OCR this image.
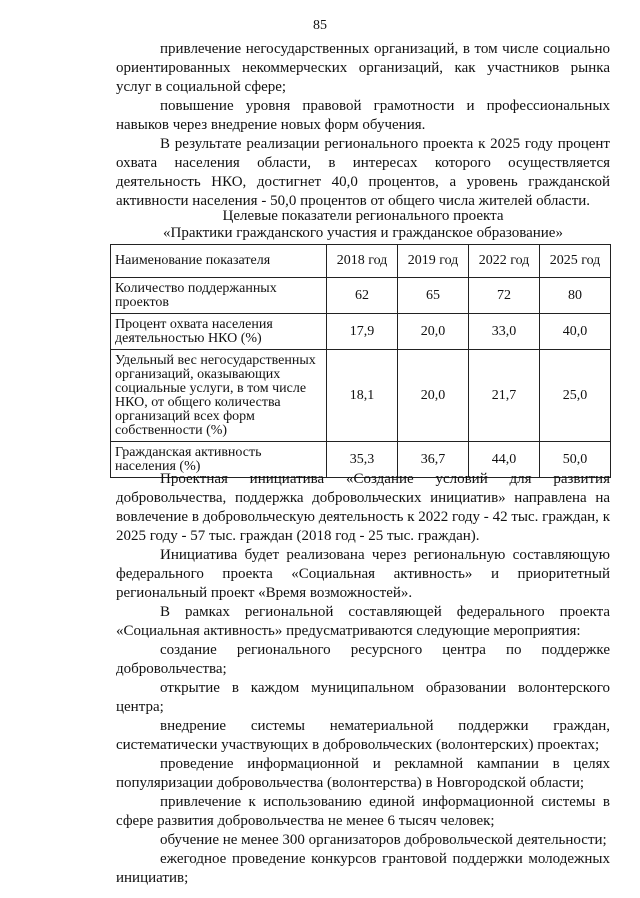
85

привлечение негосударственных организаций, в том числе социально ориентированных некоммерческих организаций, как участников рынка услуг в социальной сфере;

повышение уровня правовой грамотности и профессиональных навыков через внедрение новых форм обучения.

В результате реализации регионального проекта к 2025 году процент охвата населения области, в интересах которого осуществляется деятельность НКО, достигнет 40,0 процентов, а уровень гражданской активности населения - 50,0 процентов от общего числа жителей области.

Целевые показатели регионального проекта
«Практики гражданского участия и гражданское образование»
Наименование показателя	2018 год	2019 год	2022 год	2025 год
Количество поддержанных проектов	62	65	72	80
Процент охвата населения деятельностью НКО (%)	17,9	20,0	33,0	40,0
Удельный вес негосударственных организаций, оказывающих социальные услуги, в том числе НКО, от общего количества организаций всех форм собственности (%)	18,1	20,0	21,7	25,0
Гражданская активность населения (%)	35,3	36,7	44,0	50,0

Проектная инициатива «Создание условий для развития добровольчества, поддержка добровольческих инициатив» направлена на вовлечение в добровольческую деятельность к 2022 году - 42 тыс. граждан, к 2025 году - 57 тыс. граждан (2018 год - 25 тыс. граждан).

Инициатива будет реализована через региональную составляющую федерального проекта «Социальная активность» и приоритетный региональный проект «Время возможностей».

В рамках региональной составляющей федерального проекта «Социальная активность» предусматриваются следующие мероприятия:

создание регионального ресурсного центра по поддержке добровольчества;

открытие в каждом муниципальном образовании волонтерского центра;

внедрение системы нематериальной поддержки граждан, систематически участвующих в добровольческих (волонтерских) проектах;

проведение информационной и рекламной кампании в целях популяризации добровольчества (волонтерства) в Новгородской области;

привлечение к использованию единой информационной системы в сфере развития добровольчества не менее 6 тысяч человек;

обучение не менее 300 организаторов добровольческой деятельности;

ежегодное проведение конкурсов грантовой поддержки молодежных инициатив;
